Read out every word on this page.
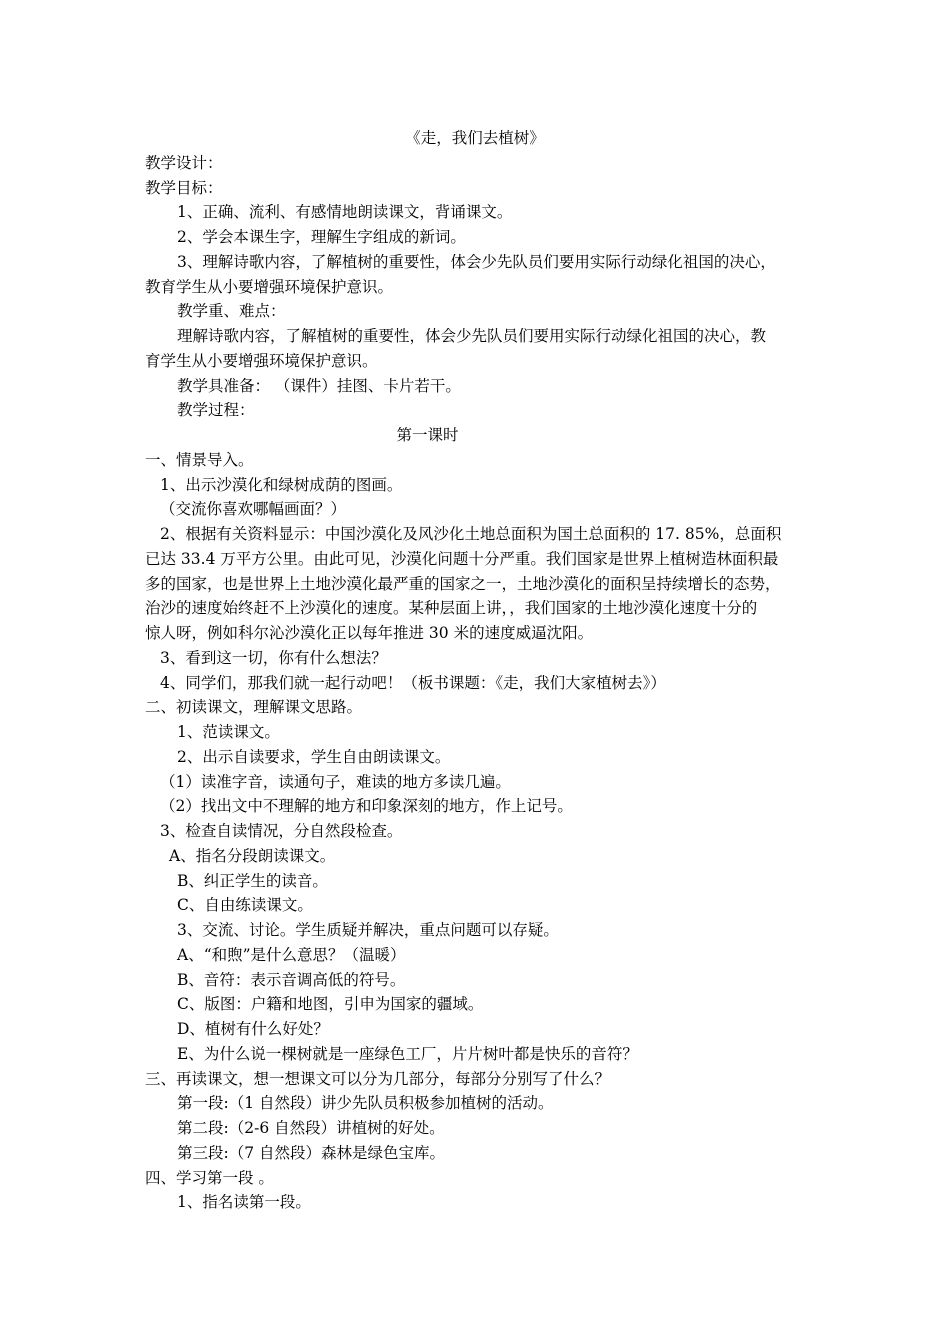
《走，我们去植树》
教学设计：
教学目标：
1、正确、流利、有感情地朗读课文，背诵课文。
2、学会本课生字，理解生字组成的新词。
3、理解诗歌内容，了解植树的重要性，体会少先队员们要用实际行动绿化祖国的决心，
教育学生从小要增强环境保护意识。
教学重、难点：
理解诗歌内容，了解植树的重要性，体会少先队员们要用实际行动绿化祖国的决心，教
育学生从小要增强环境保护意识。
教学具准备： （课件）挂图、卡片若干。
教学过程：
第一课时
一、情景导入。
1、出示沙漠化和绿树成荫的图画。
（交流你喜欢哪幅画面？）
2、根据有关资料显示：中国沙漠化及风沙化土地总面积为国土总面积的 17. 85%，总面积
已达 33.4 万平方公里。由此可见，沙漠化问题十分严重。我们国家是世界上植树造林面积最
多的国家，也是世界上土地沙漠化最严重的国家之一，土地沙漠化的面积呈持续增长的态势，
治沙的速度始终赶不上沙漠化的速度。某种层面上讲，，我们国家的土地沙漠化速度十分的
惊人呀，例如科尔沁沙漠化正以每年推进 30 米的速度威逼沈阳。
3、看到这一切，你有什么想法？
4、同学们，那我们就一起行动吧！（板书课题：《走，我们大家植树去》）
二、初读课文，理解课文思路。
1、范读课文。
2、出示自读要求，学生自由朗读课文。
（1）读准字音，读通句子，难读的地方多读几遍。
（2）找出文中不理解的地方和印象深刻的地方，作上记号。
3、检查自读情况，分自然段检查。
A、指名分段朗读课文。
B、纠正学生的读音。
C、自由练读课文。
3、交流、讨论。学生质疑并解决，重点问题可以存疑。
A、“和煦”是什么意思？（温暖）
B、音符：表示音调高低的符号。
C、版图：户籍和地图，引申为国家的疆域。
D、植树有什么好处？
E、为什么说一棵树就是一座绿色工厂，片片树叶都是快乐的音符？
三、再读课文，想一想课文可以分为几部分，每部分分别写了什么？
第一段:（1 自然段）讲少先队员积极参加植树的活动。
第二段:（2-6 自然段）讲植树的好处。
第三段:（7 自然段）森林是绿色宝库。
四、学习第一段 。
1、指名读第一段。
